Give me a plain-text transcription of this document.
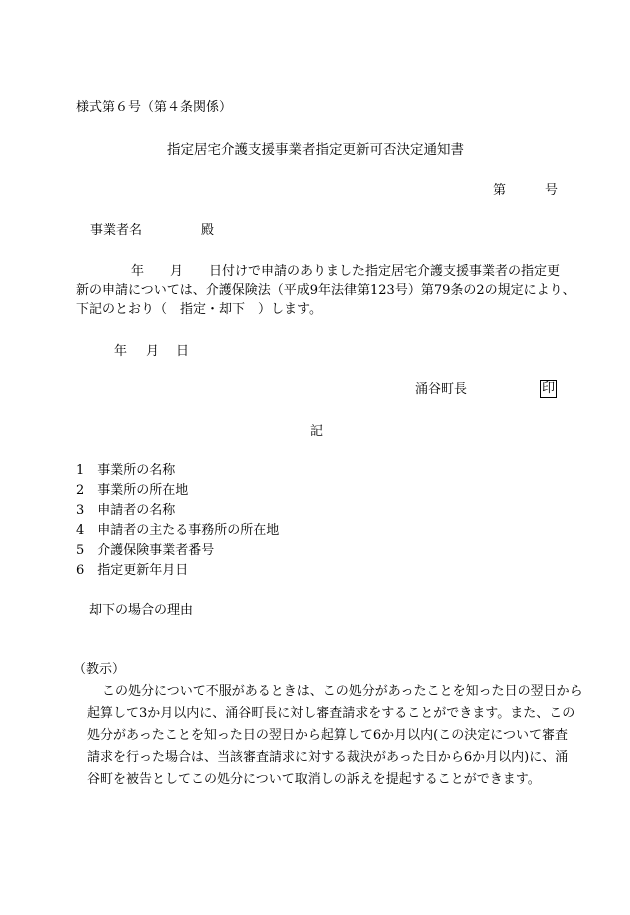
様式第６号（第４条関係）
指定居宅介護支援事業者指定更新可否決定通知書
第	号
事業者名	殿
年　　月　　日付けで申請のありました指定居宅介護支援事業者の指定更
新の申請については、介護保険法（平成9年法律第123号）第79条の2の規定により、
下記のとおり（　指定・却下　）します。
年 月 日
涌谷町長	印
記
1　 事業所の名称
2　 事業所の所在地
3　 申請者の名称
4　 申請者の主たる事務所の所在地
5　 介護保険事業者番号
6　 指定更新年月日
却下の場合の理由
（教示）
この処分について不服があるときは、この処分があったことを知った日の翌日から
起算して3か月以内に、涌谷町長に対し審査請求をすることができます。また、この
処分があったことを知った日の翌日から起算して6か月以内(この決定について審査
請求を行った場合は、当該審査請求に対する裁決があった日から6か月以内)に、涌
谷町を被告としてこの処分について取消しの訴えを提起することができます。
